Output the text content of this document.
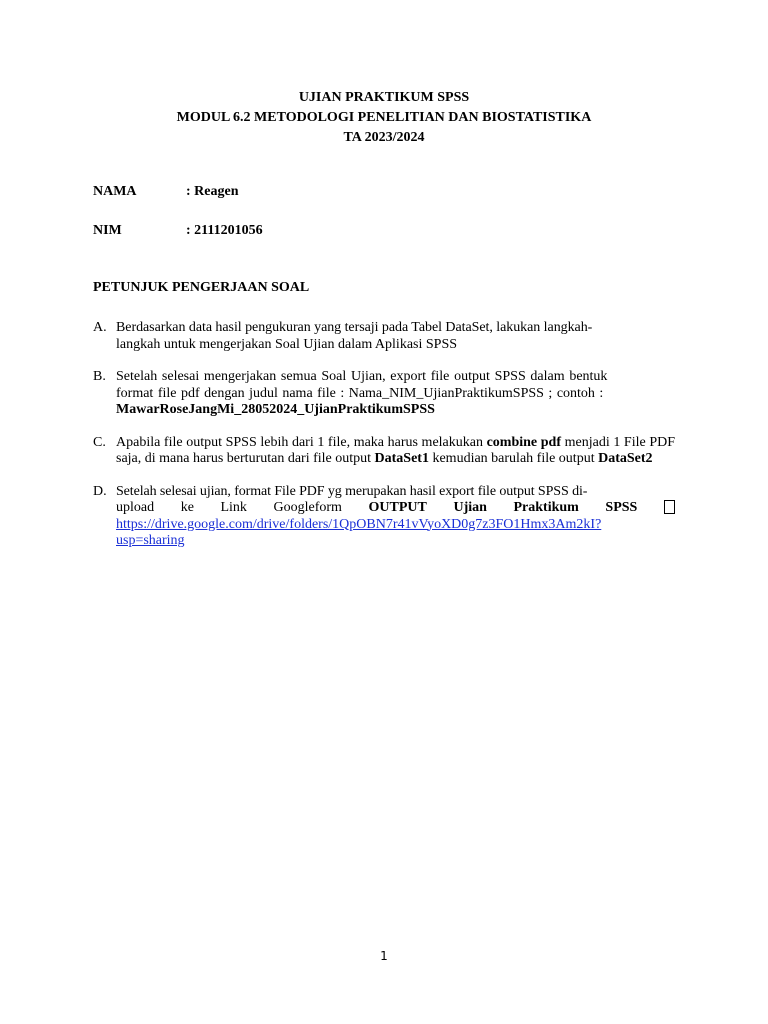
UJIAN PRAKTIKUM SPSS
MODUL 6.2 METODOLOGI PENELITIAN DAN BIOSTATISTIKA
TA 2023/2024
NAMA	: Reagen
NIM	: 2111201056
PETUNJUK PENGERJAAN SOAL
A. Berdasarkan data hasil pengukuran yang tersaji pada Tabel DataSet, lakukan langkah-
langkah untuk mengerjakan Soal Ujian dalam Aplikasi SPSS
B. Setelah selesai mengerjakan semua Soal Ujian, export file output SPSS dalam bentuk
format file pdf dengan judul nama file : Nama_NIM_UjianPraktikumSPSS ; contoh :
MawarRoseJangMi_28052024_UjianPraktikumSPSS
C. Apabila file output SPSS lebih dari 1 file, maka harus melakukan combine pdf menjadi 1 File PDF saja, di mana harus berturutan dari file output DataSet1 kemudian barulah file output DataSet2

D. Setelah selesai ujian, format File PDF yg merupakan hasil export file output SPSS di-
upload ke Link Googleform OUTPUT Ujian Praktikum SPSS
https://drive.google.com/drive/folders/1QpOBN7r41vVyoXD0g7z3FO1Hmx3Am2kI?
usp=sharing
1
